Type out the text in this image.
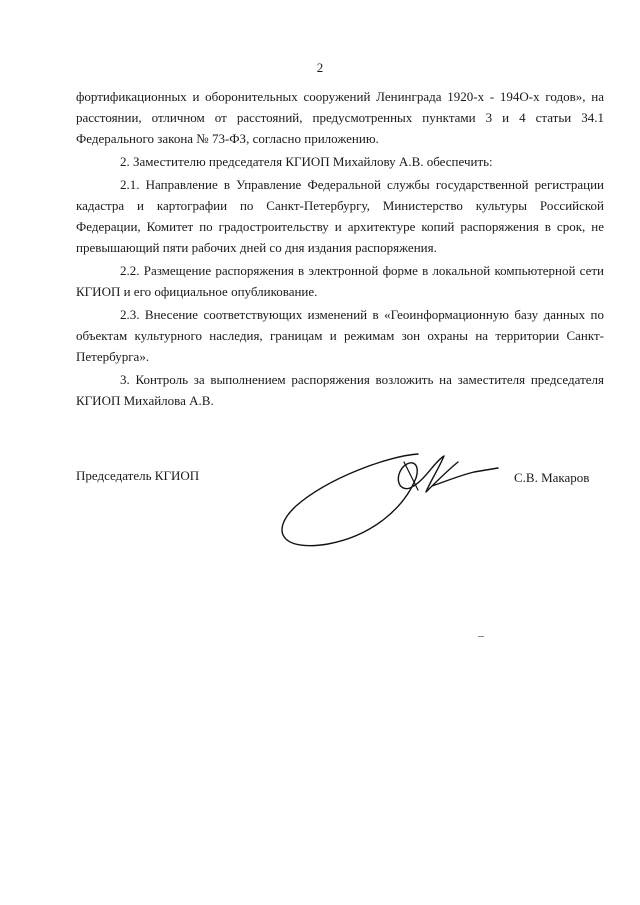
2

фортификационных и оборонительных сооружений Ленинграда 1920-х - 194О-х годов», на расстоянии, отличном от расстояний, предусмотренных пунктами 3 и 4 статьи 34.1 Федерального закона № 73-ФЗ, согласно приложению.

2. Заместителю председателя КГИОП Михайлову А.В. обеспечить:

2.1. Направление в Управление Федеральной службы государственной регистрации кадастра и картографии по Санкт-Петербургу, Министерство культуры Российской Федерации, Комитет по градостроительству и архитектуре копий распоряжения в срок, не превышающий пяти рабочих дней со дня издания распоряжения.

2.2. Размещение распоряжения в электронной форме в локальной компьютерной сети КГИОП и его официальное опубликование.

2.3. Внесение соответствующих изменений в «Геоинформационную базу данных по объектам культурного наследия, границам и режимам зон охраны на территории Санкт-Петербурга».

3. Контроль за выполнением распоряжения возложить на заместителя председателя КГИОП Михайлова А.В.

Председатель КГИОП	С.В. Макаров
